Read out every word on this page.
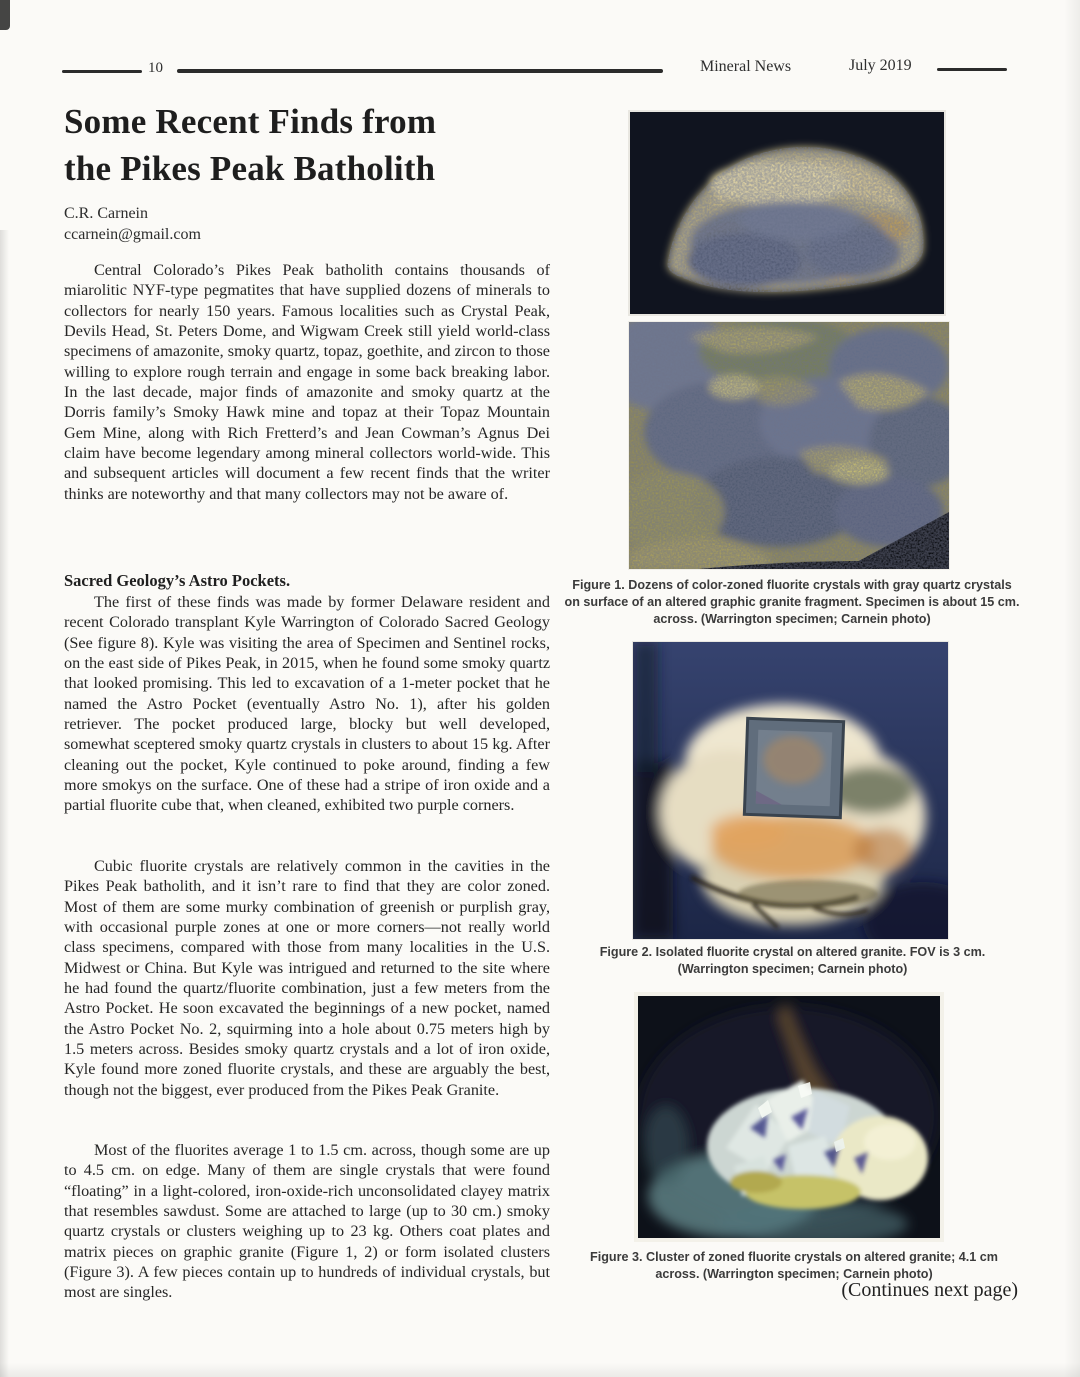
10	Mineral News	July 2019
Some Recent Finds from
the Pikes Peak Batholith
C.R. Carnein
ccarnein@gmail.com

Central Colorado’s Pikes Peak batholith contains thousands of miarolitic NYF-type pegmatites that have supplied dozens of minerals to collectors for nearly 150 years. Famous localities such as Crystal Peak, Devils Head, St. Peters Dome, and Wigwam Creek still yield world-class specimens of amazonite, smoky quartz, topaz, goethite, and zircon to those willing to explore rough terrain and engage in some back breaking labor. In the last decade, major finds of amazonite and smoky quartz at the Dorris family’s Smoky Hawk mine and topaz at their Topaz Mountain Gem Mine, along with Rich Fretterd’s and Jean Cowman’s Agnus Dei claim have become legendary among mineral collectors world-wide. This and subsequent articles will document a few recent finds that the writer thinks are noteworthy and that many collectors may not be aware of.

Sacred Geology’s Astro Pockets.

The first of these finds was made by former Delaware resident and recent Colorado transplant Kyle Warrington of Colorado Sacred Geology (See figure 8). Kyle was visiting the area of Specimen and Sentinel rocks, on the east side of Pikes Peak, in 2015, when he found some smoky quartz that looked promising. This led to excavation of a 1-meter pocket that he named the Astro Pocket (eventually Astro No. 1), after his golden retriever. The pocket produced large, blocky but well developed, somewhat sceptered smoky quartz crystals in clusters to about 15 kg. After cleaning out the pocket, Kyle continued to poke around, finding a few more smokys on the surface. One of these had a stripe of iron oxide and a partial fluorite cube that, when cleaned, exhibited two purple corners.

Cubic fluorite crystals are relatively common in the cavities in the Pikes Peak batholith, and it isn’t rare to find that they are color zoned. Most of them are some murky combination of greenish or purplish gray, with occasional purple zones at one or more corners—not really world class specimens, compared with those from many localities in the U.S. Midwest or China. But Kyle was intrigued and returned to the site where he had found the quartz/fluorite combination, just a few meters from the Astro Pocket. He soon excavated the beginnings of a new pocket, named the Astro Pocket No. 2, squirming into a hole about 0.75 meters high by 1.5 meters across. Besides smoky quartz crystals and a lot of iron oxide, Kyle found more zoned fluorite crystals, and these are arguably the best, though not the biggest, ever produced from the Pikes Peak Granite.

Most of the fluorites average 1 to 1.5 cm. across, though some are up to 4.5 cm. on edge. Many of them are single crystals that were found “floating” in a light-colored, iron-oxide-rich unconsolidated clayey matrix that resembles sawdust. Some are attached to large (up to 30 cm.) smoky quartz crystals or clusters weighing up to 23 kg. Others coat plates and matrix pieces on graphic granite (Figure 1, 2) or form isolated clusters (Figure 3). A few pieces contain up to hundreds of individual crystals, but most are singles.

Figure 1. Dozens of color-zoned fluorite crystals with gray quartz crystals on surface of an altered graphic granite fragment. Specimen is about 15 cm. across. (Warrington specimen; Carnein photo)
Figure 2. Isolated fluorite crystal on altered granite. FOV is 3 cm. (Warrington specimen; Carnein photo)
Figure 3. Cluster of zoned fluorite crystals on altered granite; 4.1 cm across. (Warrington specimen; Carnein photo)
(Continues next page)
